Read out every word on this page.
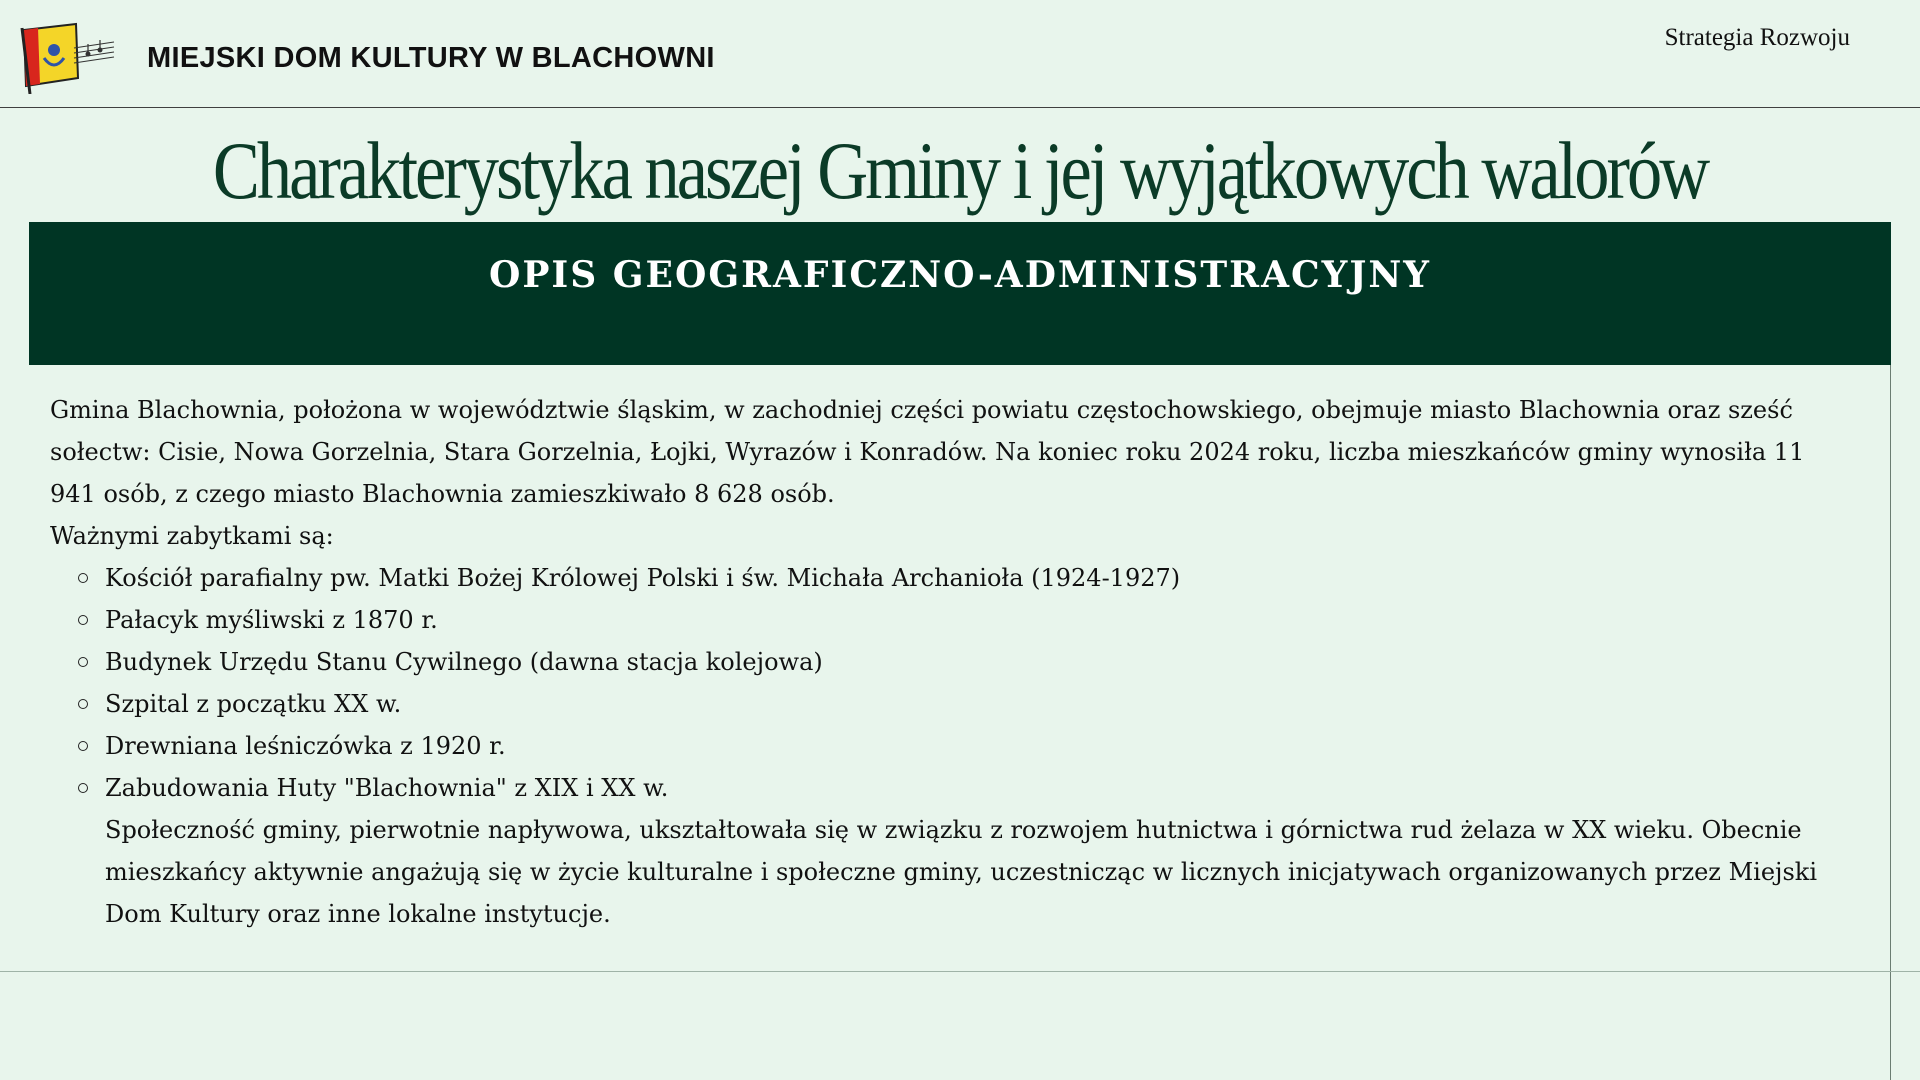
MIEJSKI DOM KULTURY W BLACHOWNI
Strategia Rozwoju
Charakterystyka naszej Gminy i jej wyjątkowych walorów
OPIS GEOGRAFICZNO-ADMINISTRACYJNY

Gmina Blachownia, położona w województwie śląskim, w zachodniej części powiatu częstochowskiego, obejmuje miasto Blachownia oraz sześć sołectw: Cisie, Nowa Gorzelnia, Stara Gorzelnia, Łojki, Wyrazów i Konradów. Na koniec roku 2024 roku, liczba mieszkańców gminy wynosiła 11 941 osób, z czego miasto Blachownia zamieszkiwało 8 628 osób.

Ważnymi zabytkami są:

Kościół parafialny pw. Matki Bożej Królowej Polski i św. Michała Archanioła (1924-1927)
Pałacyk myśliwski z 1870 r.
Budynek Urzędu Stanu Cywilnego (dawna stacja kolejowa)
Szpital z początku XX w.
Drewniana leśniczówka z 1920 r.
Zabudowania Huty "Blachownia" z XIX i XX w.

Społeczność gminy, pierwotnie napływowa, ukształtowała się w związku z rozwojem hutnictwa i górnictwa rud żelaza w XX wieku. Obecnie mieszkańcy aktywnie angażują się w życie kulturalne i społeczne gminy, uczestnicząc w licznych inicjatywach organizowanych przez Miejski Dom Kultury oraz inne lokalne instytucje.
